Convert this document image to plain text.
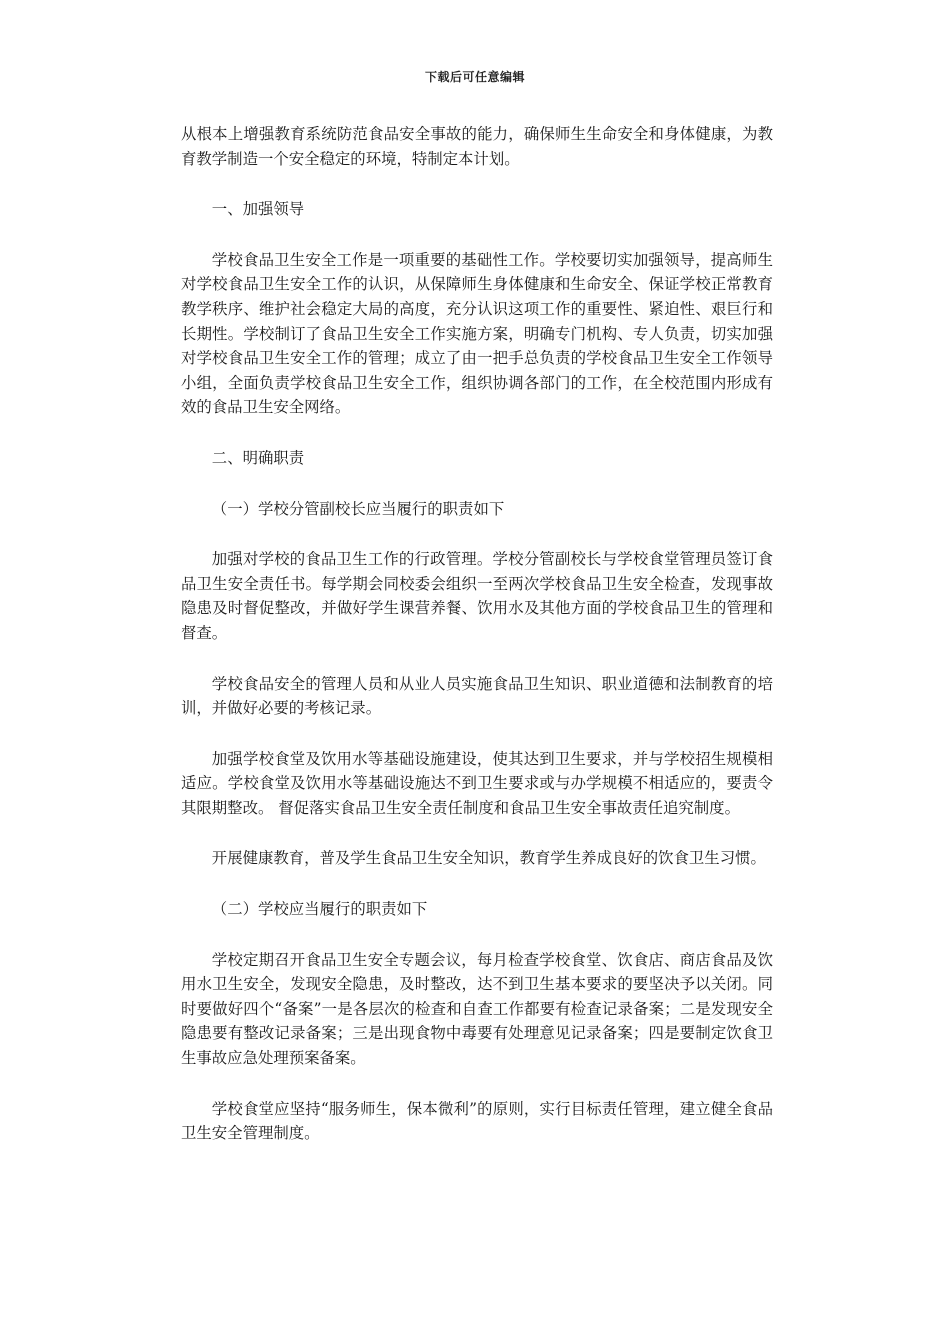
下载后可任意编辑

从根本上增强教育系统防范食品安全事故的能力，确保师生生命安全和身体健康，为教育教学制造一个安全稳定的环境，特制定本计划。

一、加强领导

学校食品卫生安全工作是一项重要的基础性工作。学校要切实加强领导，提高师生对学校食品卫生安全工作的认识，从保障师生身体健康和生命安全、保证学校正常教育教学秩序、维护社会稳定大局的高度，充分认识这项工作的重要性、紧迫性、艰巨行和长期性。学校制订了食品卫生安全工作实施方案，明确专门机构、专人负责，切实加强对学校食品卫生安全工作的管理；成立了由一把手总负责的学校食品卫生安全工作领导小组，全面负责学校食品卫生安全工作，组织协调各部门的工作，在全校范围内形成有效的食品卫生安全网络。

二、明确职责

（一）学校分管副校长应当履行的职责如下

加强对学校的食品卫生工作的行政管理。学校分管副校长与学校食堂管理员签订食品卫生安全责任书。每学期会同校委会组织一至两次学校食品卫生安全检查，发现事故隐患及时督促整改，并做好学生课营养餐、饮用水及其他方面的学校食品卫生的管理和督查。

学校食品安全的管理人员和从业人员实施食品卫生知识、职业道德和法制教育的培训，并做好必要的考核记录。

加强学校食堂及饮用水等基础设施建设，使其达到卫生要求，并与学校招生规模相适应。学校食堂及饮用水等基础设施达不到卫生要求或与办学规模不相适应的，要责令其限期整改。 督促落实食品卫生安全责任制度和食品卫生安全事故责任追究制度。

开展健康教育，普及学生食品卫生安全知识，教育学生养成良好的饮食卫生习惯。

（二）学校应当履行的职责如下

学校定期召开食品卫生安全专题会议，每月检查学校食堂、饮食店、商店食品及饮用水卫生安全，发现安全隐患，及时整改，达不到卫生基本要求的要坚决予以关闭。同时要做好四个“备案”一是各层次的检查和自查工作都要有检查记录备案；二是发现安全隐患要有整改记录备案；三是出现食物中毒要有处理意见记录备案；四是要制定饮食卫生事故应急处理预案备案。

学校食堂应坚持“服务师生，保本微利”的原则，实行目标责任管理，建立健全食品卫生安全管理制度。
